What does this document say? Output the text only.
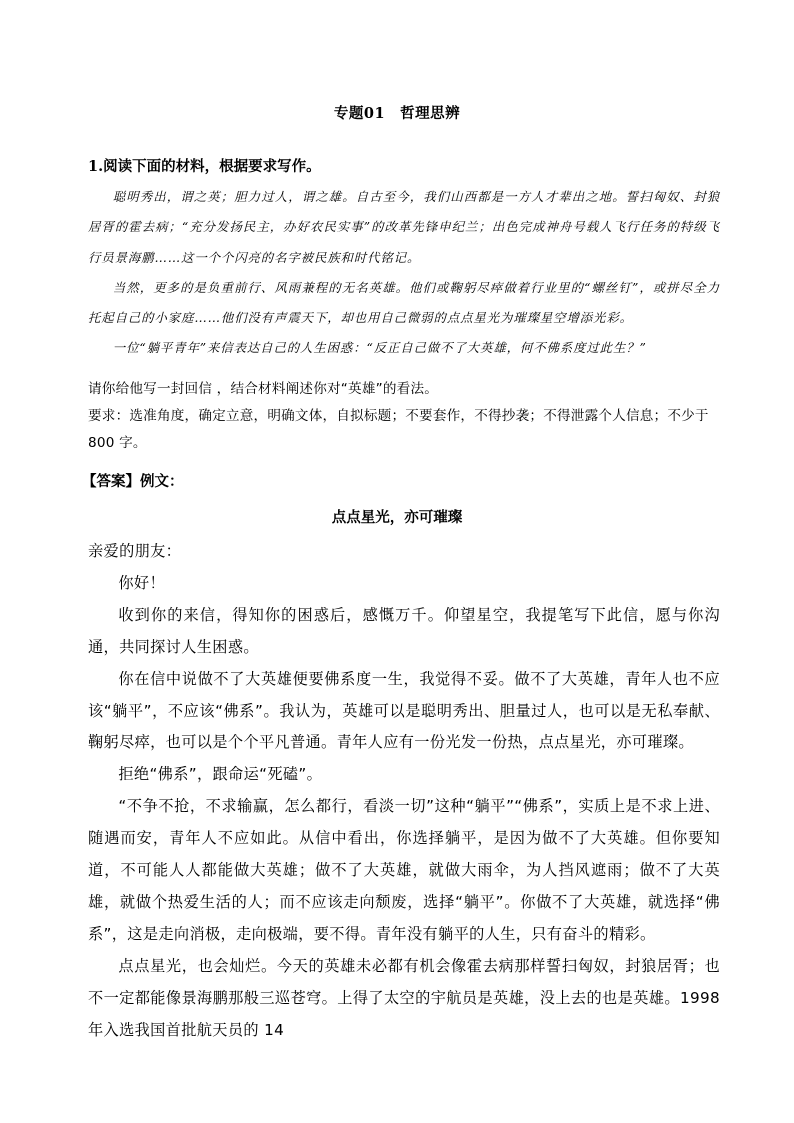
专题01　哲理思辨
1.阅读下面的材料，根据要求写作。

聪明秀出，谓之英；胆力过人，谓之雄。自古至今，我们山西都是一方人才辈出之地。誓扫匈奴、封狼居胥的霍去病；“充分发扬民主，办好农民实事”的改革先锋申纪兰；出色完成神舟号载人飞行任务的特级飞行员景海鹏……这一个个闪亮的名字被民族和时代铭记。

当然，更多的是负重前行、风雨兼程的无名英雄。他们或鞠躬尽瘁做着行业里的“螺丝钉”，或拼尽全力托起自己的小家庭……他们没有声震天下，却也用自己微弱的点点星光为璀璨星空增添光彩。

一位“躺平青年”来信表达自己的人生困惑：“反正自己做不了大英雄，何不佛系度过此生？”

请你给他写一封回信 ，结合材料阐述你对“英雄”的看法。

要求：选准角度，确定立意，明确文体，自拟标题；不要套作，不得抄袭；不得泄露个人信息；不少于 800 字。

【答案】例文：
点点星光，亦可璀璨

亲爱的朋友：

你好！

收到你的来信，得知你的困惑后，感慨万千。仰望星空，我提笔写下此信，愿与你沟通，共同探讨人生困惑。

你在信中说做不了大英雄便要佛系度一生，我觉得不妥。做不了大英雄，青年人也不应该“躺平”，不应该“佛系”。我认为，英雄可以是聪明秀出、胆量过人，也可以是无私奉献、鞠躬尽瘁，也可以是个个平凡普通。青年人应有一份光发一份热，点点星光，亦可璀璨。

拒绝“佛系”，跟命运“死磕”。

“不争不抢，不求输赢，怎么都行，看淡一切”这种“躺平”“佛系”，实质上是不求上进、随遇而安，青年人不应如此。从信中看出，你选择躺平，是因为做不了大英雄。但你要知道，不可能人人都能做大英雄；做不了大英雄，就做大雨伞，为人挡风遮雨；做不了大英雄，就做个热爱生活的人；而不应该走向颓废，选择“躺平”。你做不了大英雄，就选择“佛系”，这是走向消极，走向极端，要不得。青年没有躺平的人生，只有奋斗的精彩。

点点星光，也会灿烂。今天的英雄未必都有机会像霍去病那样誓扫匈奴，封狼居胥；也不一定都能像景海鹏那般三巡苍穹。上得了太空的宇航员是英雄，没上去的也是英雄。1998 年入选我国首批航天员的 14
